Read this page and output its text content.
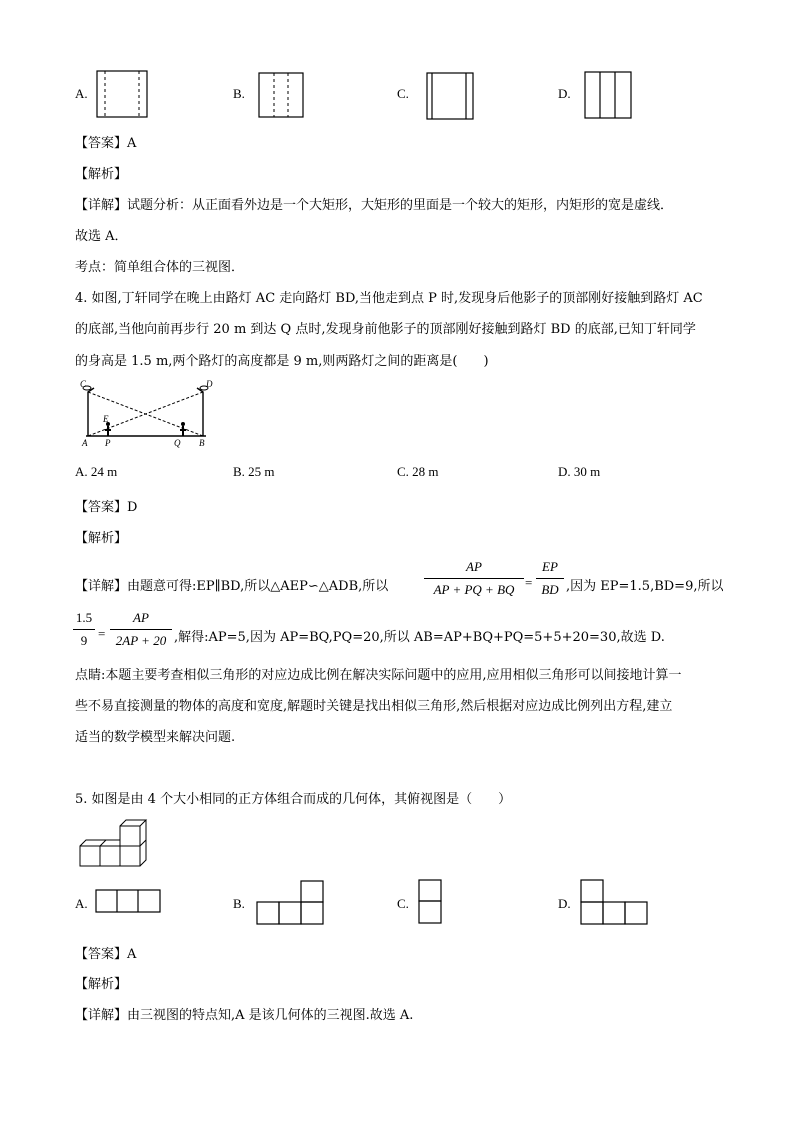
A.	B.	C.	D.
【答案】A
【解析】
【详解】试题分析：从正面看外边是一个大矩形，大矩形的里面是一个较大的矩形，内矩形的宽是虚线．
故选 A．
考点：简单组合体的三视图．
4. 如图,丁轩同学在晚上由路灯 AC 走向路灯 BD,当他走到点 P 时,发现身后他影子的顶部刚好接触到路灯 AC
的底部,当他向前再步行 20 m 到达 Q 点时,发现身前他影子的顶部刚好接触到路灯 BD 的底部,已知丁轩同学
的身高是 1.5 m,两个路灯的高度都是 9 m,则两路灯之间的距离是(　　)
C	D
E
A P	Q B
A. 24 m	B. 25 m	C. 28 m	D. 30 m
【答案】D
【解析】
【详解】由题意可得:EP∥BD,所以△AEP∽△ADB,所以
AP
AP + PQ + BQ =
EP
BD ,因为 EP=1.5,BD=9,所以
1.5
9 =
AP
2AP + 20 ,解得:AP=5,因为 AP=BQ,PQ=20,所以 AB=AP+BQ+PQ=5+5+20=30,故选 D.
点睛:本题主要考查相似三角形的对应边成比例在解决实际问题中的应用,应用相似三角形可以间接地计算一
些不易直接测量的物体的高度和宽度,解题时关键是找出相似三角形,然后根据对应边成比例列出方程,建立
适当的数学模型来解决问题.
5. 如图是由 4 个大小相同的正方体组合而成的几何体，其俯视图是（　　）
A.	B.	C.	D.
【答案】A
【解析】
【详解】由三视图的特点知,A 是该几何体的三视图.故选 A.
